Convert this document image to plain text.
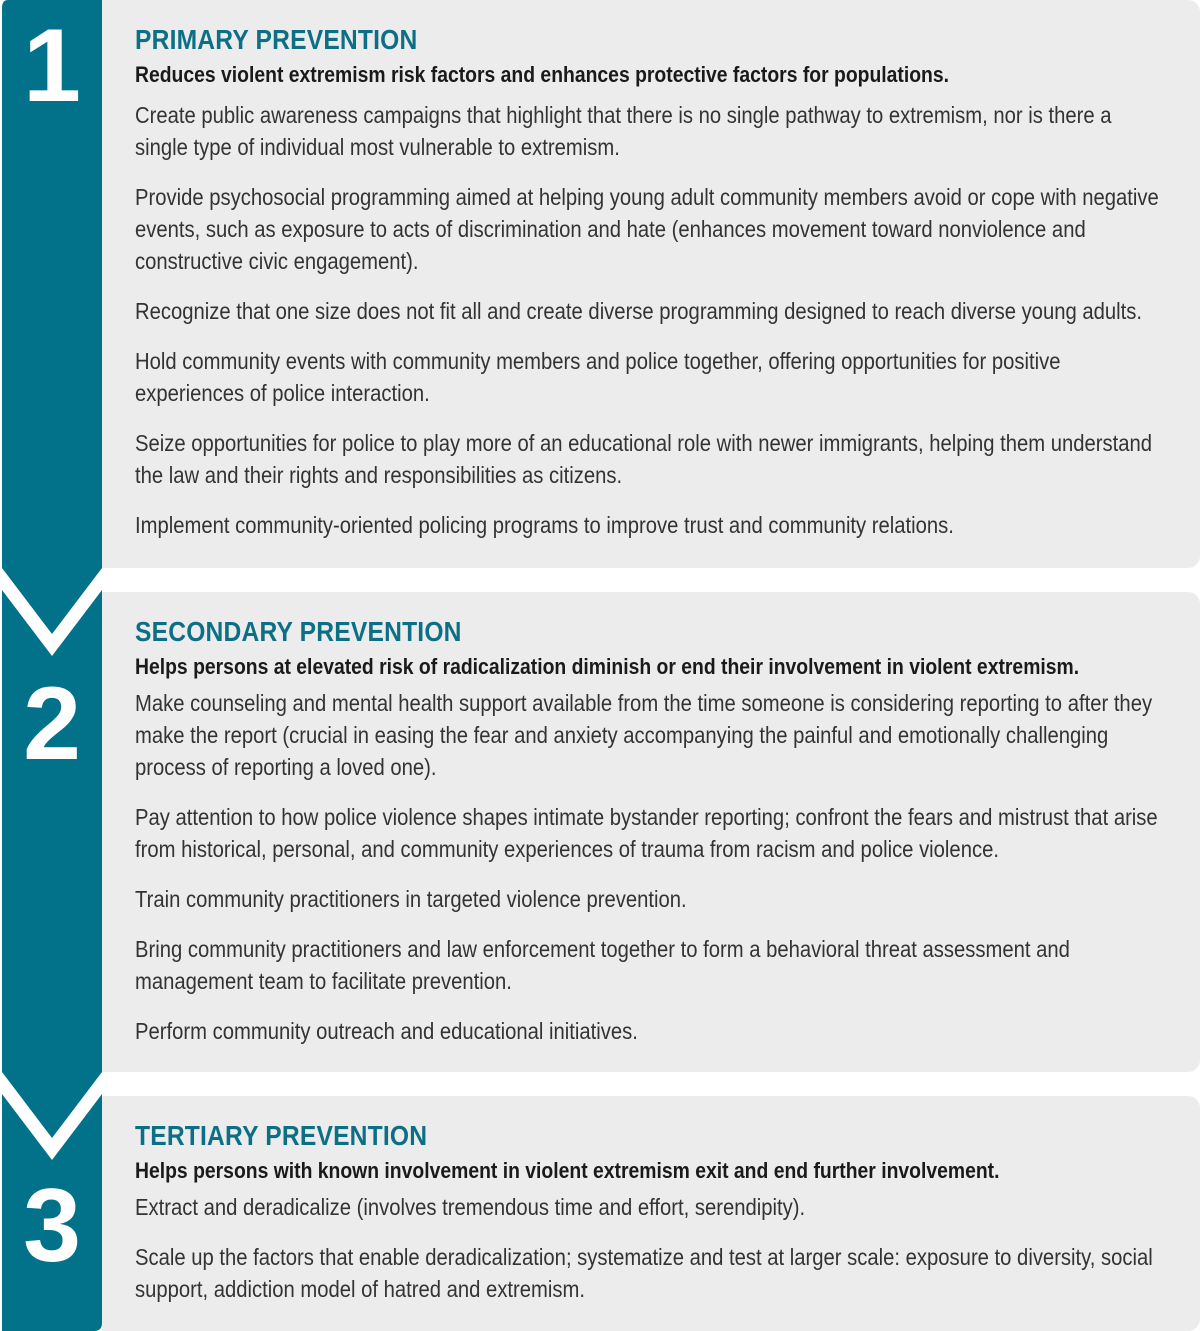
1
2
3
PRIMARY PREVENTION

Reduces violent extremism risk factors and enhances protective factors for populations.

Create public awareness campaigns that highlight that there is no single pathway to extremism, nor is there a single type of individual most vulnerable to extremism.
Provide psychosocial programming aimed at helping young adult community members avoid or cope with negative events, such as exposure to acts of discrimination and hate (enhances movement toward nonviolence and constructive civic engagement).
Recognize that one size does not fit all and create diverse programming designed to reach diverse young adults.
Hold community events with community members and police together, offering opportunities for positive experiences of police interaction.
Seize opportunities for police to play more of an educational role with newer immigrants, helping them understand the law and their rights and responsibilities as citizens.
Implement community-oriented policing programs to improve trust and community relations.
SECONDARY PREVENTION

Helps persons at elevated risk of radicalization diminish or end their involvement in violent extremism.

Make counseling and mental health support available from the time someone is considering reporting to after they make the report (crucial in easing the fear and anxiety accompanying the painful and emotionally challenging process of reporting a loved one).
Pay attention to how police violence shapes intimate bystander reporting; confront the fears and mistrust that arise from historical, personal, and community experiences of trauma from racism and police violence.
Train community practitioners in targeted violence prevention.
Bring community practitioners and law enforcement together to form a behavioral threat assessment and management team to facilitate prevention.
Perform community outreach and educational initiatives.
TERTIARY PREVENTION

Helps persons with known involvement in violent extremism exit and end further involvement.

Extract and deradicalize (involves tremendous time and effort, serendipity).
Scale up the factors that enable deradicalization; systematize and test at larger scale: exposure to diversity, social support, addiction model of hatred and extremism.
